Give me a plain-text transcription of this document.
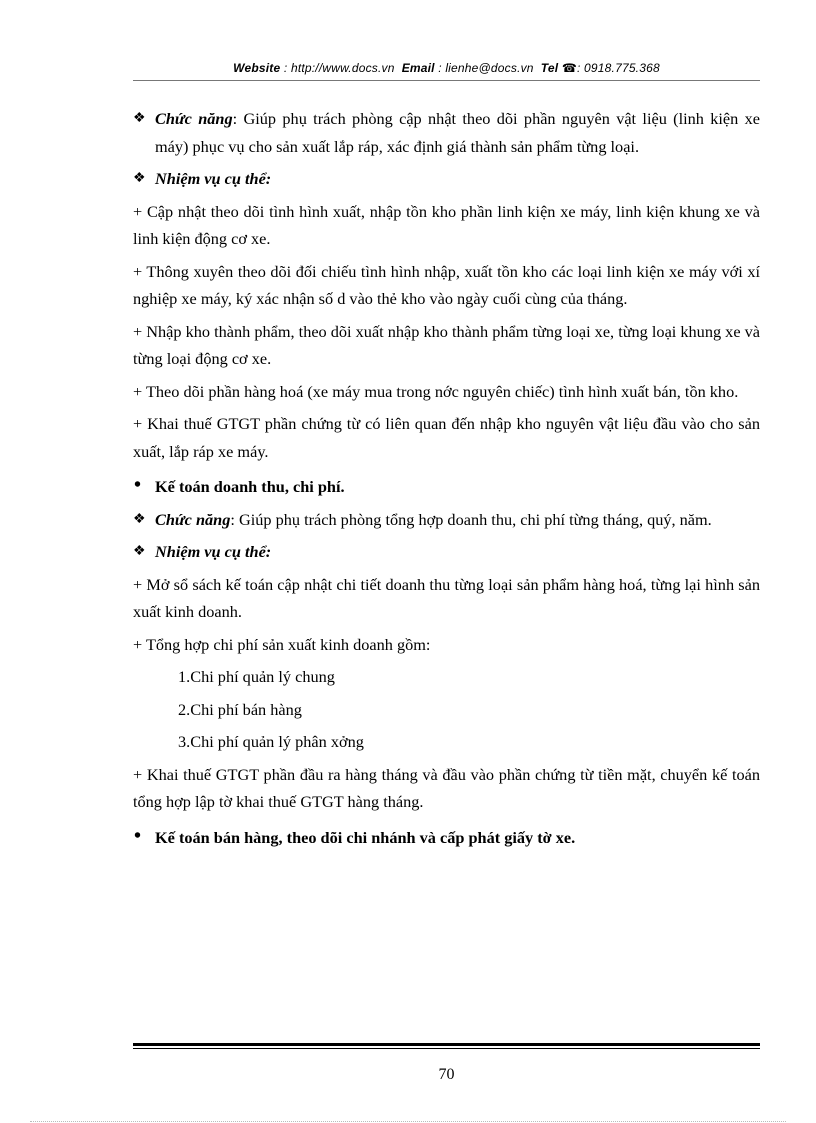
Website : http://www.docs.vn Email : lienhe@docs.vn Tel ☎: 0918.775.368

❖ Chức năng: Giúp phụ trách phòng cập nhật theo dõi phần nguyên vật liệu (linh kiện xe máy) phục vụ cho sản xuất lắp ráp, xác định giá thành sản phẩm từng loại.

❖ Nhiệm vụ cụ thể:

+ Cập nhật theo dõi tình hình xuất, nhập tồn kho phần linh kiện xe máy, linh kiện khung xe và linh kiện động cơ xe.

+ Thông xuyên theo dõi đối chiếu tình hình nhập, xuất tồn kho các loại linh kiện xe máy với xí nghiệp xe máy, ký xác nhận số d vào thẻ kho vào ngày cuối cùng của tháng.

+ Nhập kho thành phẩm, theo dõi xuất nhập kho thành phẩm từng loại xe, từng loại khung xe và từng loại động cơ xe.

+ Theo dõi phần hàng hoá (xe máy mua trong nớc nguyên chiếc) tình hình xuất bán, tồn kho.

+ Khai thuế GTGT phần chứng từ có liên quan đến nhập kho nguyên vật liệu đầu vào cho sản xuất, lắp ráp xe máy.

• Kế toán doanh thu, chi phí.

❖ Chức năng: Giúp phụ trách phòng tổng hợp doanh thu, chi phí từng tháng, quý, năm.

❖ Nhiệm vụ cụ thể:

+ Mở sổ sách kế toán cập nhật chi tiết doanh thu từng loại sản phẩm hàng hoá, từng lại hình sản xuất kinh doanh.

+ Tổng hợp chi phí sản xuất kinh doanh gồm:

1.Chi phí quản lý chung

2.Chi phí bán hàng

3.Chi phí quản lý phân xởng

+ Khai thuế GTGT phần đầu ra hàng tháng và đầu vào phần chứng từ tiền mặt, chuyển kế toán tổng hợp lập tờ khai thuế GTGT hàng tháng.

• Kế toán bán hàng, theo dõi chi nhánh và cấp phát giấy tờ xe.

70
